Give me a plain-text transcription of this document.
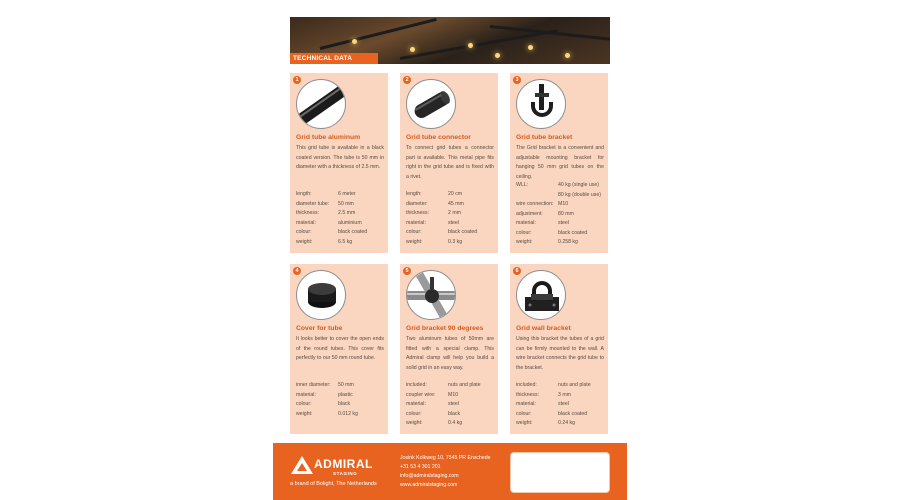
TECHNICAL DATA
1
Grid tube aluminum
This grid tube is available in a black coated version. The tube is 50 mm in diameter with a thickness of 2.5 mm.
length:	6 meter
diameter tube: 50 mm
thickness:	2.5 mm
material:	aluminium
colour:	black coated
weight:	6.5 kg
2
Grid tube connector
To connect grid tubes a connector part is available. This metal pipe fits right in the grid tube and is fixed with a rivet.
length:	20 cm
diameter:	45 mm
thickness:	2 mm
material:	steel
colour:	black coated
weight:	0.3 kg
3
Grid tube bracket
The Grid bracket is a convenient and adjustable mounting bracket for hanging 50 mm grid tubes on the ceiling.
WLL:	40 kg (single use)
80 kg (double use)
wire connection: M10
adjustment:	80 mm
material:	steel
colour:	black coated
weight:	0.258 kg
4
Cover for tube
It looks better to cover the open ends of the round tubes. This cover fits perfectly to our 50 mm round tube.
inner diameter: 50 mm
material:	plastic
colour:	black
weight:	0.012 kg
5
Grid bracket 90 degrees
Two aluminum tubes of 50mm are fitted with a special clamp. This Admiral clamp will help you build a solid grid in an easy way.
included:	nuts and plate
coupler wire: M10
material:	steel
colour:	black
weight:	0.4 kg
6
Grid wall bracket
Using this bracket the tubes of a grid can be firmly mounted to the wall. A wire bracket connects the grid tube to the bracket.
included:	nuts and plate
thickness:	3 mm
material:	steel
colour:	black coated
weight:	0.24 kg
ADMIRAL
STAGING
a brand of Bolight, The Netherlands
Josink Kolkweg 10, 7545 PR Enschede
+31 53 4 301 201
info@admiralstaging.com
www.admiralstaging.com
